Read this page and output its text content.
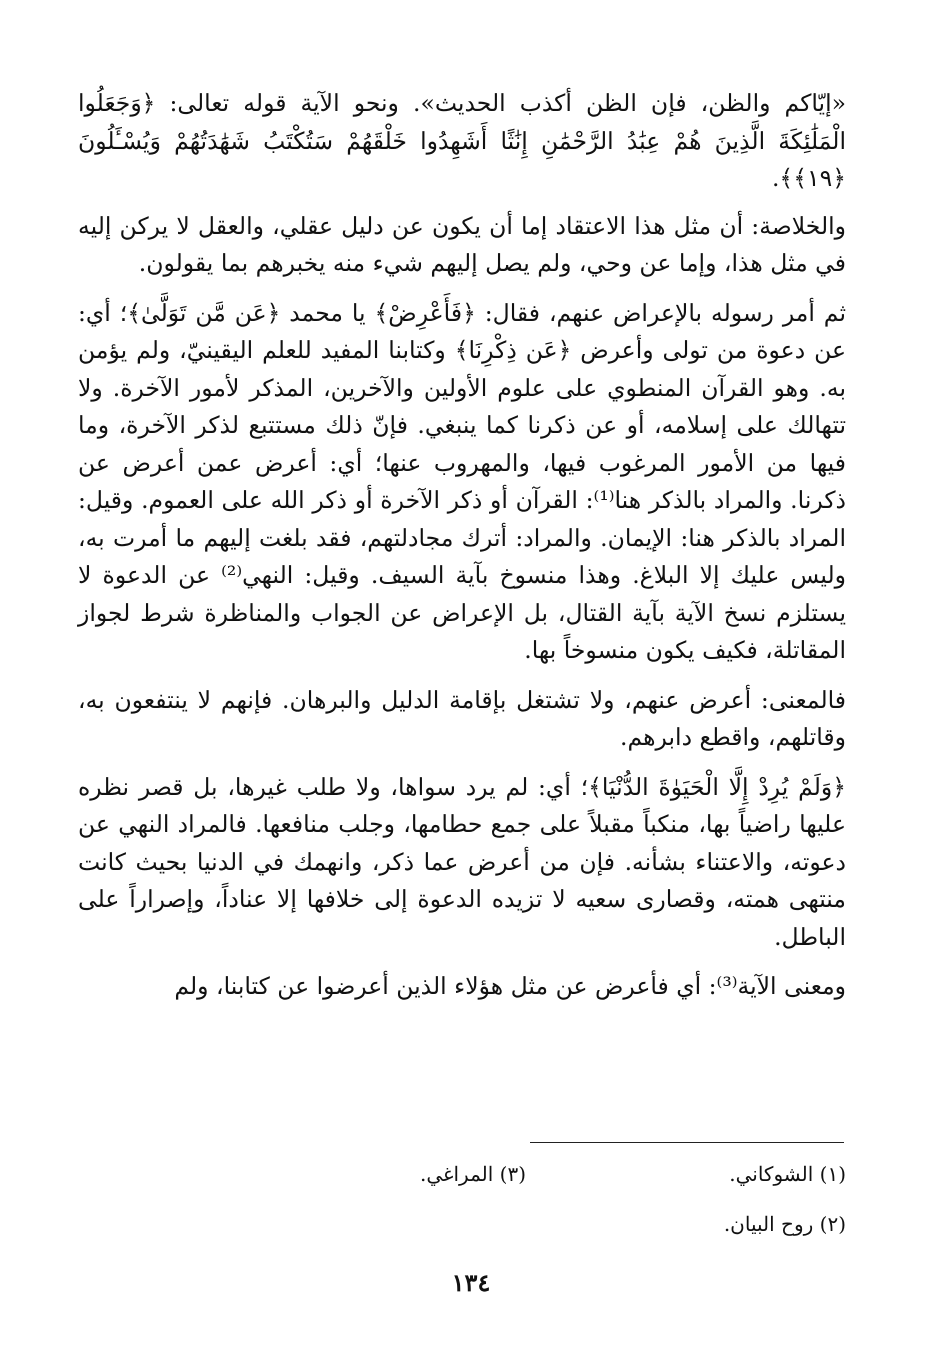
«إيّاكم والظن، فإن الظن أكذب الحديث». ونحو الآية قوله تعالى: ﴿وَجَعَلُوا الْمَلَٰئِكَةَ الَّذِينَ هُمْ عِبَٰدُ الرَّحْمَٰنِ إِنَٰثًا أَشَهِدُوا خَلْقَهُمْ سَتُكْتَبُ شَهَٰدَتُهُمْ وَيُسْـَٔلُونَ ﴿١٩﴾﴾.

والخلاصة: أن مثل هذا الاعتقاد إما أن يكون عن دليل عقلي، والعقل لا يركن إليه في مثل هذا، وإما عن وحي، ولم يصل إليهم شيء منه يخبرهم بما يقولون.

ثم أمر رسوله بالإعراض عنهم، فقال: ﴿فَأَعْرِضْ﴾ يا محمد ﴿عَن مَّن تَوَلَّىٰ﴾؛ أي: عن دعوة من تولى وأعرض ﴿عَن ذِكْرِنَا﴾ وكتابنا المفيد للعلم اليقينيّ، ولم يؤمن به. وهو القرآن المنطوي على علوم الأولين والآخرين، المذكر لأمور الآخرة. ولا تتهالك على إسلامه، أو عن ذكرنا كما ينبغي. فإنّ ذلك مستتبع لذكر الآخرة، وما فيها من الأمور المرغوب فيها، والمهروب عنها؛ أي: أعرض عمن أعرض عن ذكرنا. والمراد بالذكر هنا⁽¹⁾: القرآن أو ذكر الآخرة أو ذكر الله على العموم. وقيل: المراد بالذكر هنا: الإيمان. والمراد: أترك مجادلتهم، فقد بلغت إليهم ما أمرت به، وليس عليك إلا البلاغ. وهذا منسوخ بآية السيف. وقيل: النهي⁽²⁾ عن الدعوة لا يستلزم نسخ الآية بآية القتال، بل الإعراض عن الجواب والمناظرة شرط لجواز المقاتلة، فكيف يكون منسوخاً بها.

فالمعنى: أعرض عنهم، ولا تشتغل بإقامة الدليل والبرهان. فإنهم لا ينتفعون به، وقاتلهم، واقطع دابرهم.

﴿وَلَمْ يُرِدْ إِلَّا الْحَيَوٰةَ الدُّنْيَا﴾؛ أي: لم يرد سواها، ولا طلب غيرها، بل قصر نظره عليها راضياً بها، منكباً مقبلاً على جمع حطامها، وجلب منافعها. فالمراد النهي عن دعوته، والاعتناء بشأنه. فإن من أعرض عما ذكر، وانهمك في الدنيا بحيث كانت منتهى همته، وقصارى سعيه لا تزيده الدعوة إلى خلافها إلا عناداً، وإصراراً على الباطل.

ومعنى الآية⁽³⁾: أي فأعرض عن مثل هؤلاء الذين أعرضوا عن كتابنا، ولم

(١) الشوكاني.
(٣) المراغي.
(٢) روح البيان.
١٣٤
